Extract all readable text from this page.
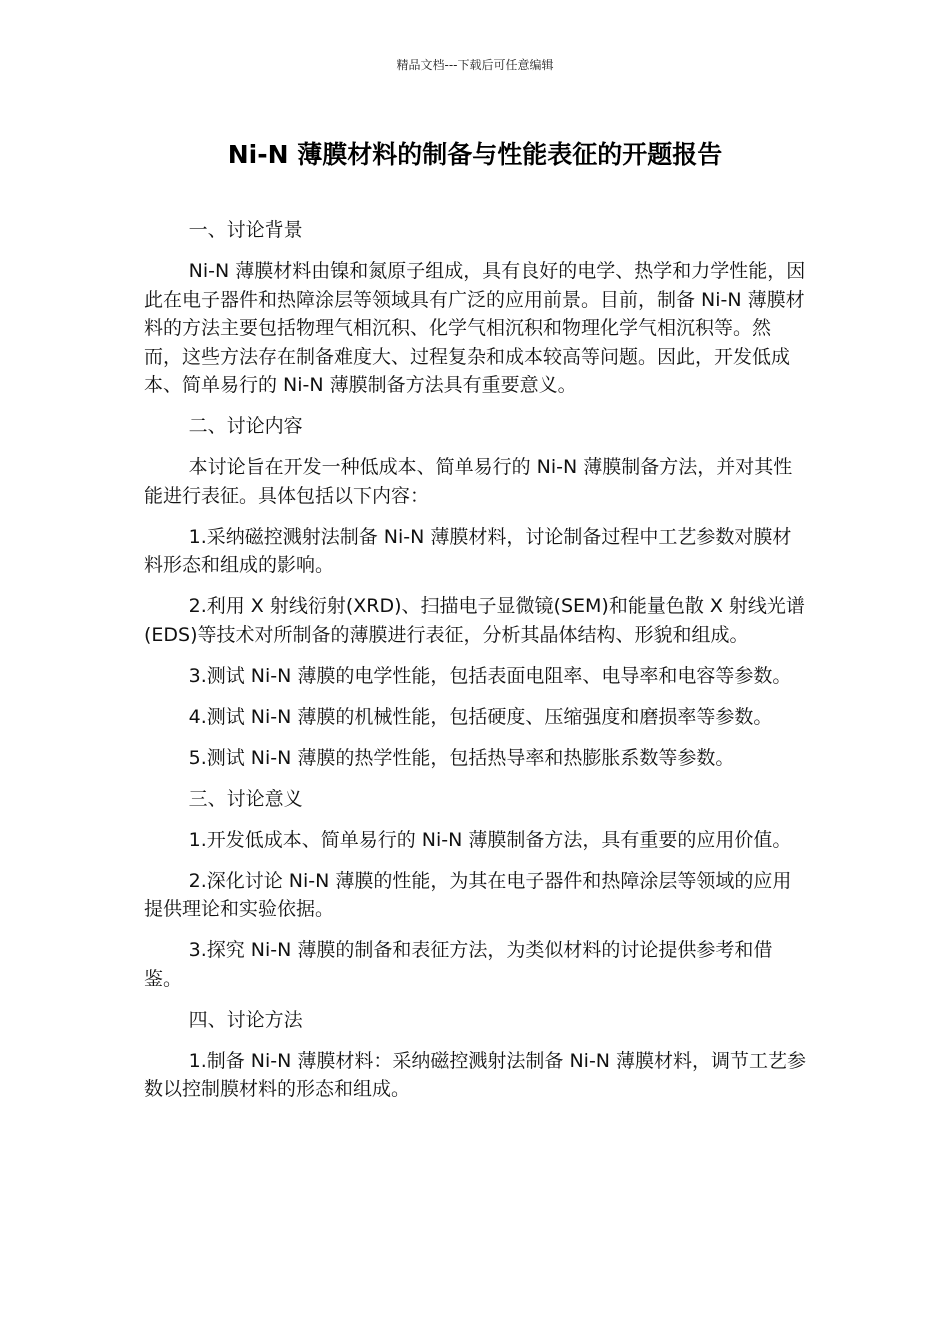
精品文档---下载后可任意编辑
Ni-N 薄膜材料的制备与性能表征的开题报告

一、讨论背景

Ni-N 薄膜材料由镍和氮原子组成，具有良好的电学、热学和力学性能，因此在电子器件和热障涂层等领域具有广泛的应用前景。目前，制备 Ni-N 薄膜材料的方法主要包括物理气相沉积、化学气相沉积和物理化学气相沉积等。然而，这些方法存在制备难度大、过程复杂和成本较高等问题。因此，开发低成本、简单易行的 Ni-N 薄膜制备方法具有重要意义。

二、讨论内容

本讨论旨在开发一种低成本、简单易行的 Ni-N 薄膜制备方法，并对其性能进行表征。具体包括以下内容：

1.采纳磁控溅射法制备 Ni-N 薄膜材料，讨论制备过程中工艺参数对膜材料形态和组成的影响。

2.利用 X 射线衍射(XRD)、扫描电子显微镜(SEM)和能量色散 X 射线光谱(EDS)等技术对所制备的薄膜进行表征，分析其晶体结构、形貌和组成。

3.测试 Ni-N 薄膜的电学性能，包括表面电阻率、电导率和电容等参数。

4.测试 Ni-N 薄膜的机械性能，包括硬度、压缩强度和磨损率等参数。

5.测试 Ni-N 薄膜的热学性能，包括热导率和热膨胀系数等参数。

三、讨论意义

1.开发低成本、简单易行的 Ni-N 薄膜制备方法，具有重要的应用价值。

2.深化讨论 Ni-N 薄膜的性能，为其在电子器件和热障涂层等领域的应用提供理论和实验依据。

3.探究 Ni-N 薄膜的制备和表征方法，为类似材料的讨论提供参考和借鉴。

四、讨论方法

1.制备 Ni-N 薄膜材料：采纳磁控溅射法制备 Ni-N 薄膜材料，调节工艺参数以控制膜材料的形态和组成。
